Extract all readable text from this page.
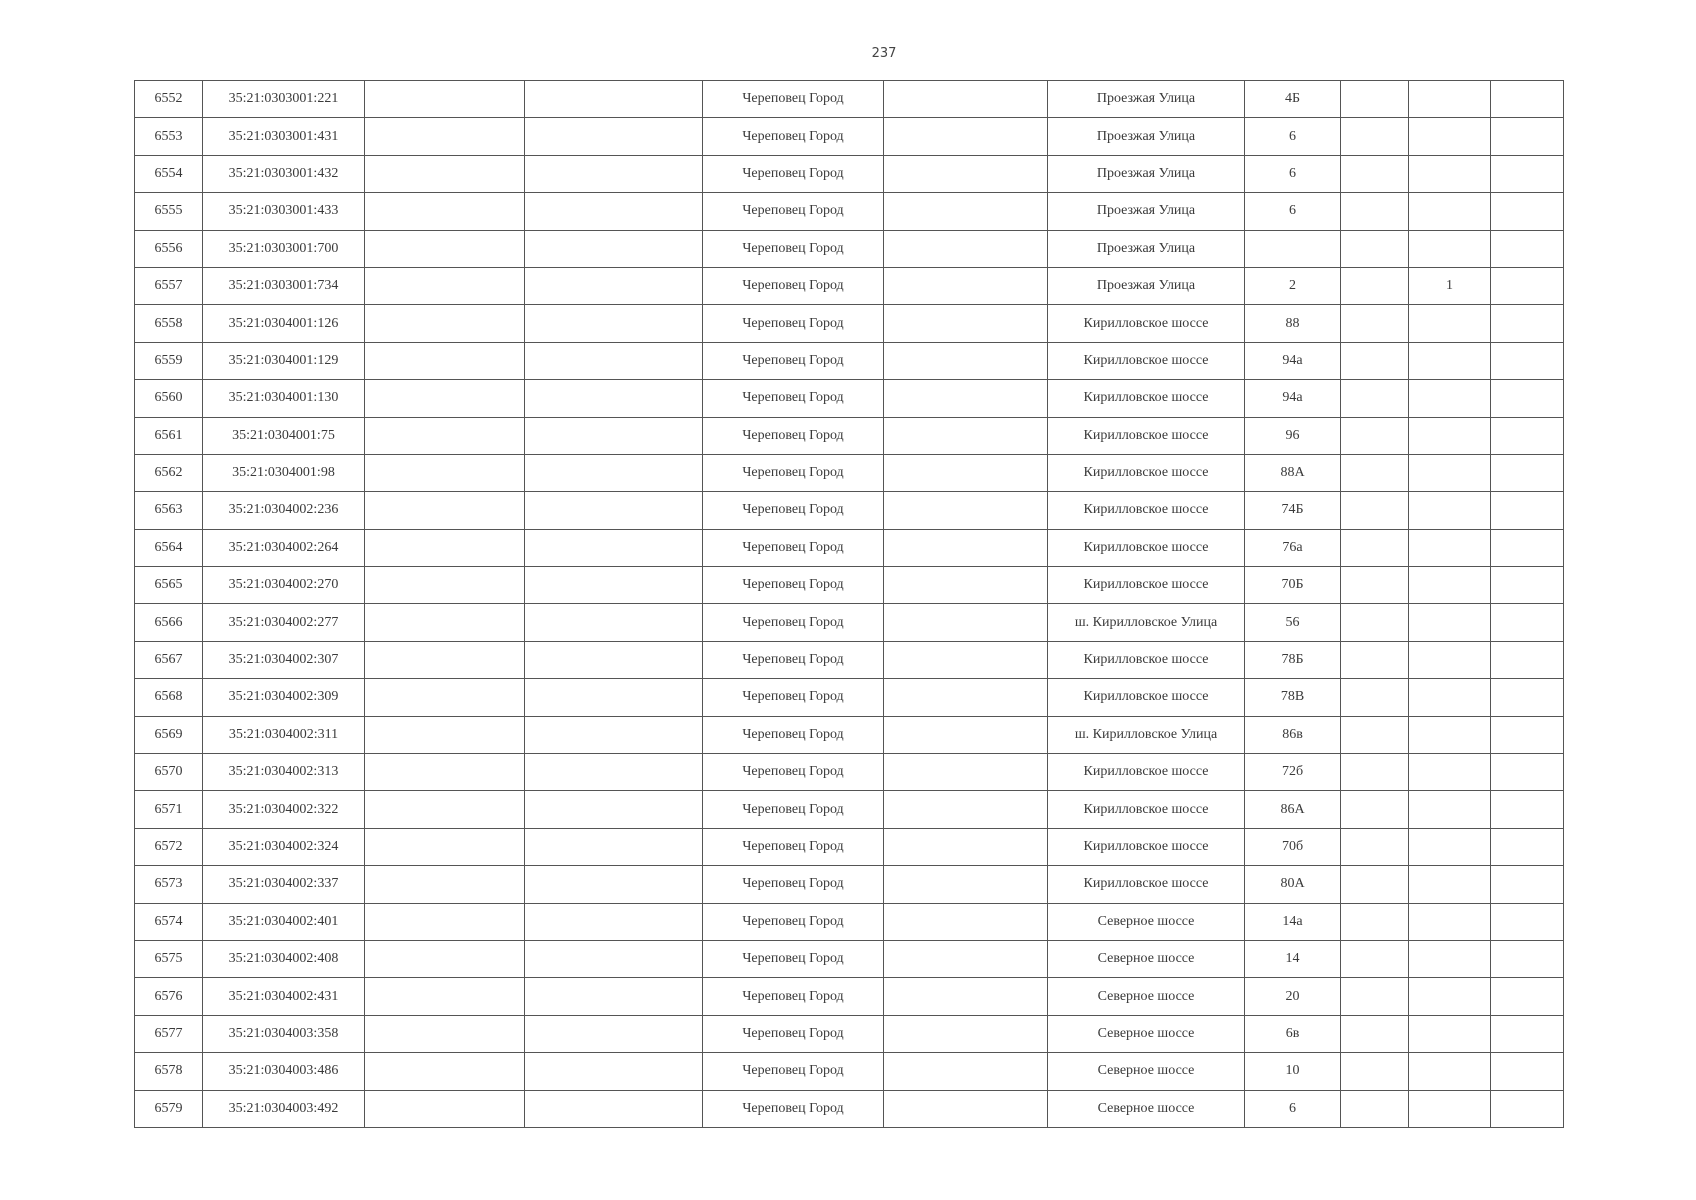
237
6552	35:21:0303001:221			Череповец Город		Проезжая Улица	4Б			
6553	35:21:0303001:431			Череповец Город		Проезжая Улица	6			
6554	35:21:0303001:432			Череповец Город		Проезжая Улица	6			
6555	35:21:0303001:433			Череповец Город		Проезжая Улица	6			
6556	35:21:0303001:700			Череповец Город		Проезжая Улица				
6557	35:21:0303001:734			Череповец Город		Проезжая Улица	2		1	
6558	35:21:0304001:126			Череповец Город		Кирилловское шоссе	88			
6559	35:21:0304001:129			Череповец Город		Кирилловское шоссе	94а			
6560	35:21:0304001:130			Череповец Город		Кирилловское шоссе	94а			
6561	35:21:0304001:75			Череповец Город		Кирилловское шоссе	96			
6562	35:21:0304001:98			Череповец Город		Кирилловское шоссе	88А			
6563	35:21:0304002:236			Череповец Город		Кирилловское шоссе	74Б			
6564	35:21:0304002:264			Череповец Город		Кирилловское шоссе	76а			
6565	35:21:0304002:270			Череповец Город		Кирилловское шоссе	70Б			
6566	35:21:0304002:277			Череповец Город		ш. Кирилловское Улица	56			
6567	35:21:0304002:307			Череповец Город		Кирилловское шоссе	78Б			
6568	35:21:0304002:309			Череповец Город		Кирилловское шоссе	78В			
6569	35:21:0304002:311			Череповец Город		ш. Кирилловское Улица	86в			
6570	35:21:0304002:313			Череповец Город		Кирилловское шоссе	72б			
6571	35:21:0304002:322			Череповец Город		Кирилловское шоссе	86А			
6572	35:21:0304002:324			Череповец Город		Кирилловское шоссе	70б			
6573	35:21:0304002:337			Череповец Город		Кирилловское шоссе	80А			
6574	35:21:0304002:401			Череповец Город		Северное шоссе	14а			
6575	35:21:0304002:408			Череповец Город		Северное шоссе	14			
6576	35:21:0304002:431			Череповец Город		Северное шоссе	20			
6577	35:21:0304003:358			Череповец Город		Северное шоссе	6в			
6578	35:21:0304003:486			Череповец Город		Северное шоссе	10			
6579	35:21:0304003:492			Череповец Город		Северное шоссе	6			
